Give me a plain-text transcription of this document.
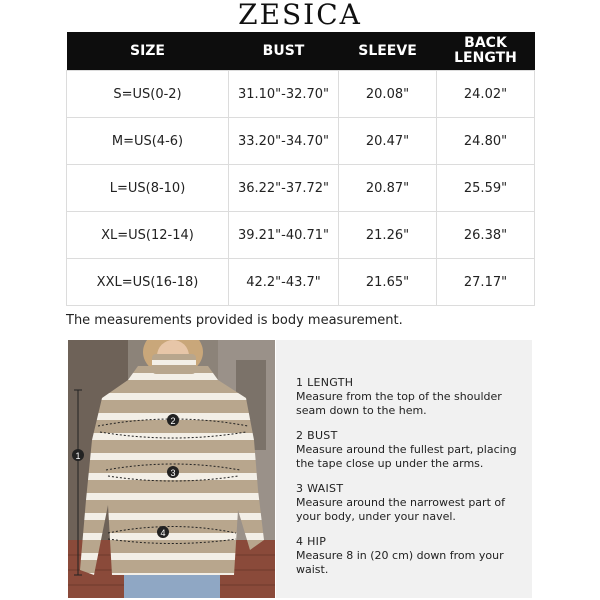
ZESICA
SIZE	BUST	SLEEVE	BACK
LENGTH
S=US(0-2)	31.10"-32.70"	20.08"	24.02"
M=US(4-6)	33.20"-34.70"	20.47"	24.80"
L=US(8-10)	36.22"-37.72"	20.87"	25.59"
XL=US(12-14)	39.21"-40.71"	21.26"	26.38"
XXL=US(16-18)	42.2"-43.7"	21.65"	27.17"
The measurements provided is body measurement.
1
2
3
4
1 LENGTH
Measure from the top of the shoulder seam down to the hem.
2 BUST
Measure around the fullest part, placing the tape close up under the arms.
3 WAIST
Measure around the narrowest part of your body, under your navel.
4 HIP
Measure 8 in (20 cm) down from your waist.
